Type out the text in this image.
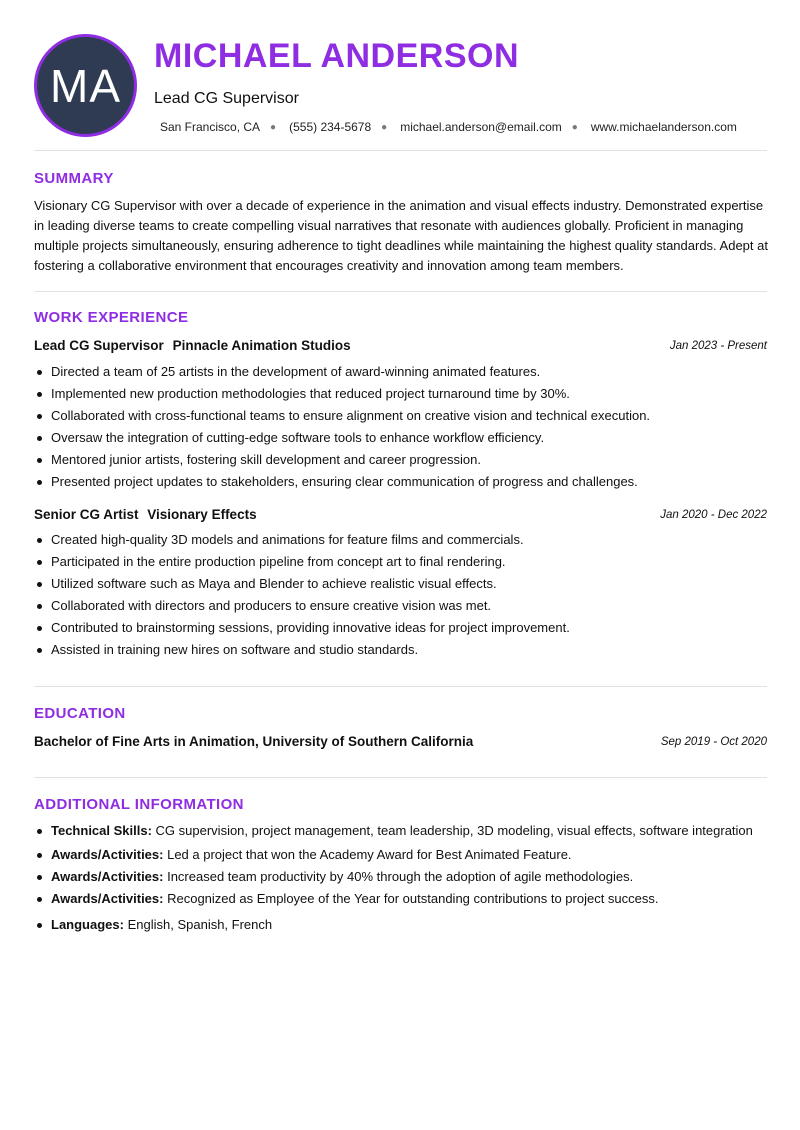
MA
MICHAEL ANDERSON
Lead CG Supervisor
San Francisco, CA ● (555) 234-5678 ● michael.anderson@email.com ● www.michaelanderson.com
SUMMARY
Visionary CG Supervisor with over a decade of experience in the animation and visual effects industry. Demonstrated expertise in leading diverse teams to create compelling visual narratives that resonate with audiences globally. Proficient in managing multiple projects simultaneously, ensuring adherence to tight deadlines while maintaining the highest quality standards. Adept at fostering a collaborative environment that encourages creativity and innovation among team members.
WORK EXPERIENCE
Lead CG Supervisor Pinnacle Animation Studios	Jan 2023 - Present
Directed a team of 25 artists in the development of award-winning animated features.
Implemented new production methodologies that reduced project turnaround time by 30%.
Collaborated with cross-functional teams to ensure alignment on creative vision and technical execution.
Oversaw the integration of cutting-edge software tools to enhance workflow efficiency.
Mentored junior artists, fostering skill development and career progression.
Presented project updates to stakeholders, ensuring clear communication of progress and challenges.
Senior CG Artist Visionary Effects	Jan 2020 - Dec 2022
Created high-quality 3D models and animations for feature films and commercials.
Participated in the entire production pipeline from concept art to final rendering.
Utilized software such as Maya and Blender to achieve realistic visual effects.
Collaborated with directors and producers to ensure creative vision was met.
Contributed to brainstorming sessions, providing innovative ideas for project improvement.
Assisted in training new hires on software and studio standards.
EDUCATION
Bachelor of Fine Arts in Animation, University of Southern California	Sep 2019 - Oct 2020
ADDITIONAL INFORMATION
Technical Skills: CG supervision, project management, team leadership, 3D modeling, visual effects, software integration
Awards/Activities: Led a project that won the Academy Award for Best Animated Feature.
Awards/Activities: Increased team productivity by 40% through the adoption of agile methodologies.
Awards/Activities: Recognized as Employee of the Year for outstanding contributions to project success.
Languages: English, Spanish, French
